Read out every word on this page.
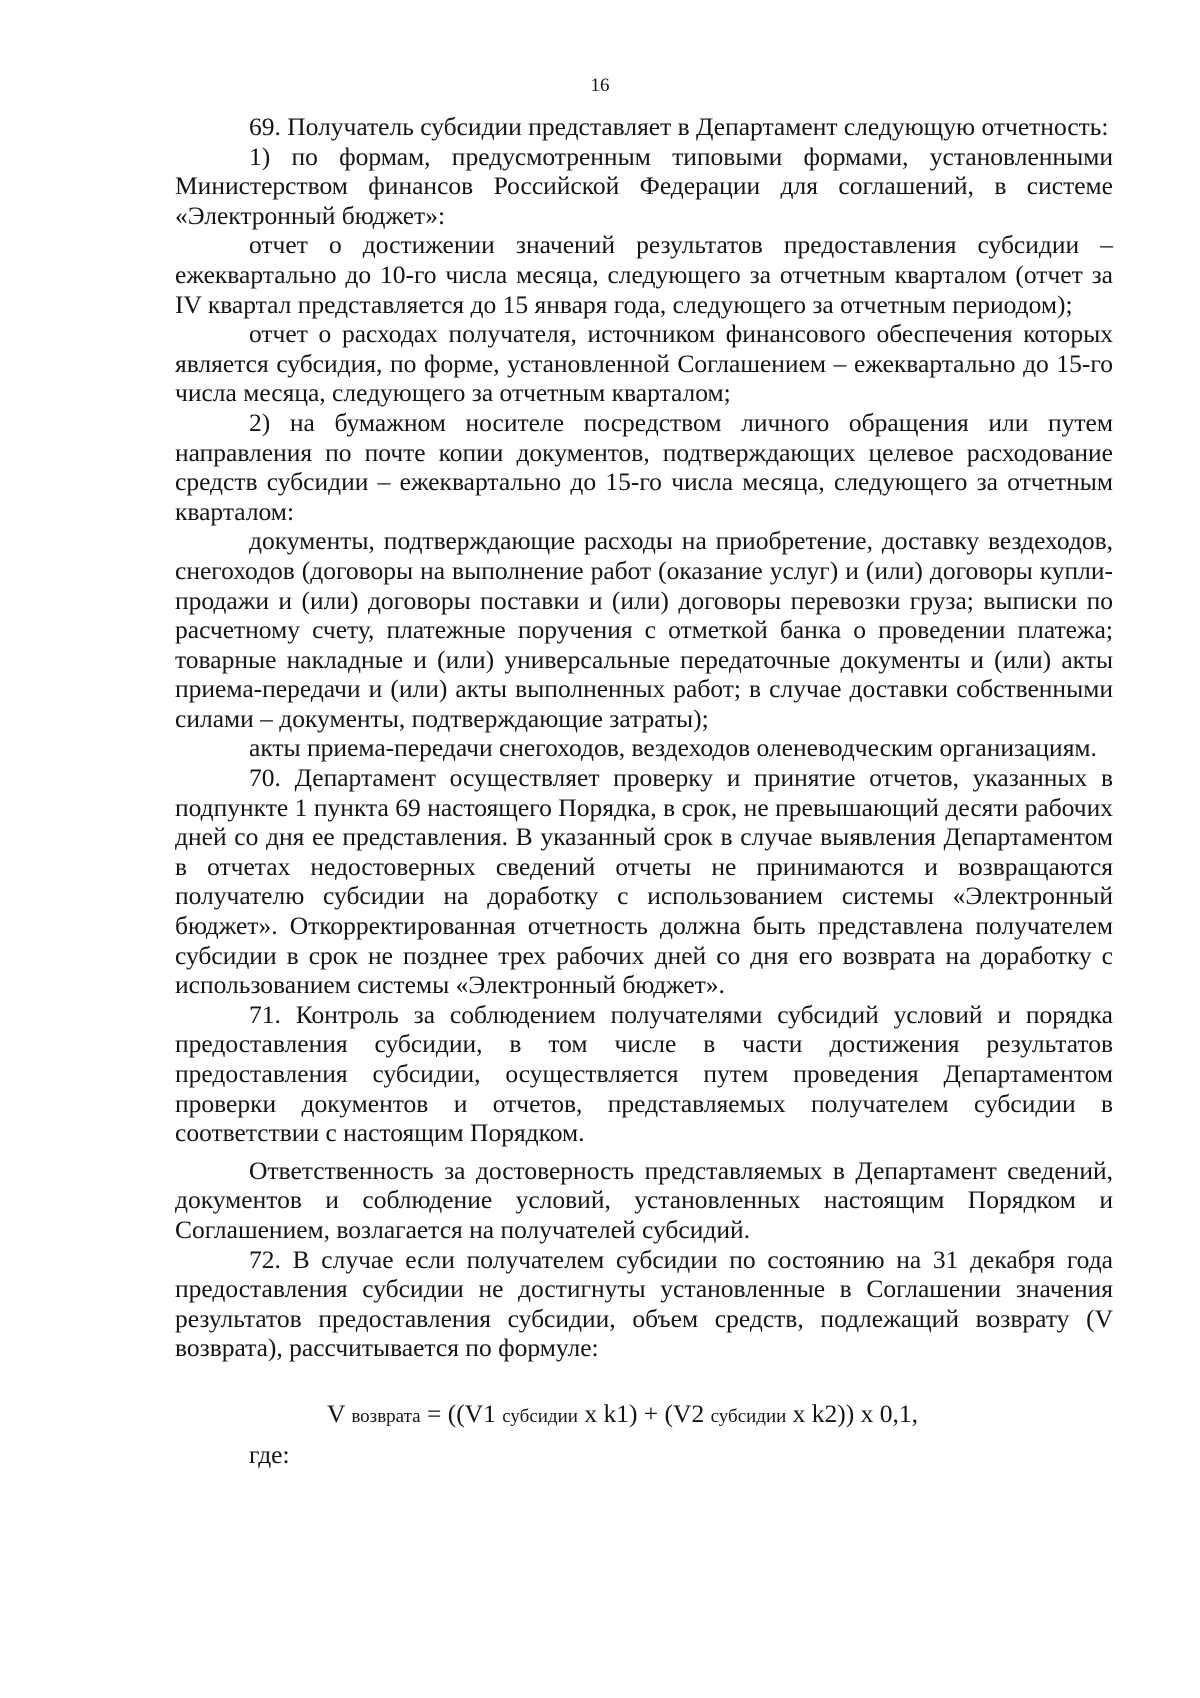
16

69. Получатель субсидии представляет в Департамент следующую отчетность:

1) по формам, предусмотренным типовыми формами, установленными Министерством финансов Российской Федерации для соглашений, в системе «Электронный бюджет»:

отчет о достижении значений результатов предоставления субсидии – ежеквартально до 10-го числа месяца, следующего за отчетным кварталом (отчет за IV квартал представляется до 15 января года, следующего за отчетным периодом);

отчет о расходах получателя, источником финансового обеспечения которых является субсидия, по форме, установленной Соглашением – ежеквартально до 15-го числа месяца, следующего за отчетным кварталом;

2) на бумажном носителе посредством личного обращения или путем направления по почте копии документов, подтверждающих целевое расходование средств субсидии – ежеквартально до 15-го числа месяца, следующего за отчетным кварталом:

документы, подтверждающие расходы на приобретение, доставку вездеходов, снегоходов (договоры на выполнение работ (оказание услуг) и (или) договоры купли-продажи и (или) договоры поставки и (или) договоры перевозки груза; выписки по расчетному счету, платежные поручения с отметкой банка о проведении платежа; товарные накладные и (или) универсальные передаточные документы и (или) акты приема-передачи и (или) акты выполненных работ; в случае доставки собственными силами – документы, подтверждающие затраты);

акты приема-передачи снегоходов, вездеходов оленеводческим организациям.

70. Департамент осуществляет проверку и принятие отчетов, указанных в подпункте 1 пункта 69 настоящего Порядка, в срок, не превышающий десяти рабочих дней со дня ее представления. В указанный срок в случае выявления Департаментом в отчетах недостоверных сведений отчеты не принимаются и возвращаются получателю субсидии на доработку с использованием системы «Электронный бюджет». Откорректированная отчетность должна быть представлена получателем субсидии в срок не позднее трех рабочих дней со дня его возврата на доработку с использованием системы «Электронный бюджет».

71. Контроль за соблюдением получателями субсидий условий и порядка предоставления субсидии, в том числе в части достижения результатов предоставления субсидии, осуществляется путем проведения Департаментом проверки документов и отчетов, представляемых получателем субсидии в соответствии с настоящим Порядком.

Ответственность за достоверность представляемых в Департамент сведений, документов и соблюдение условий, установленных настоящим Порядком и Соглашением, возлагается на получателей субсидий.

72. В случае если получателем субсидии по состоянию на 31 декабря года предоставления субсидии не достигнуты установленные в Соглашении значения результатов предоставления субсидии, объем средств, подлежащий возврату (V возврата), рассчитывается по формуле:

V возврата = ((V1 субсидии x k1) + (V2 субсидии x k2)) x 0,1,

где:
